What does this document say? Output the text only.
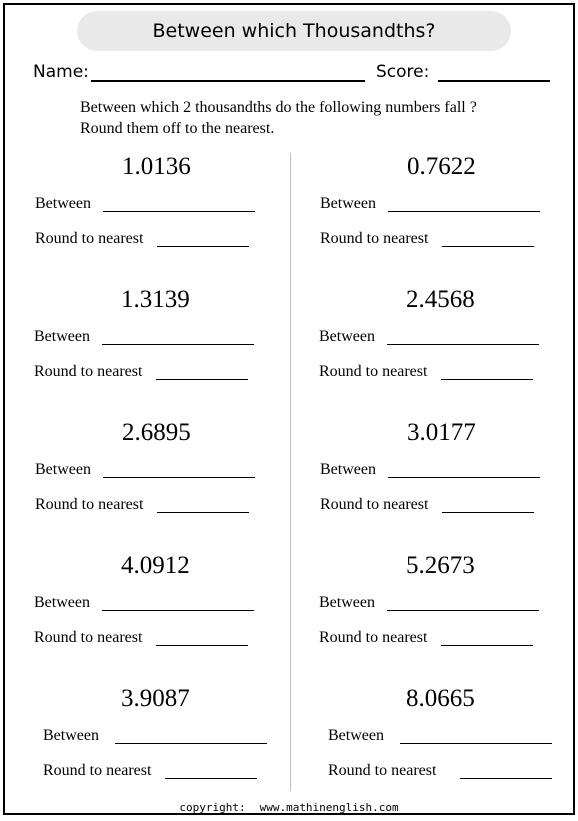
Between which Thousandths?
Name:	Score:
Between which 2 thousandths do the following numbers fall ?
Round them off to the nearest.
1.0136
Between
Round to nearest
0.7622
Between
Round to nearest
1.3139
Between
Round to nearest
2.4568
Between
Round to nearest
2.6895
Between
Round to nearest
3.0177
Between
Round to nearest
4.0912
Between
Round to nearest
5.2673
Between
Round to nearest
3.9087
Between
Round to nearest
8.0665
Between
Round to nearest
copyright: www.mathinenglish.com
